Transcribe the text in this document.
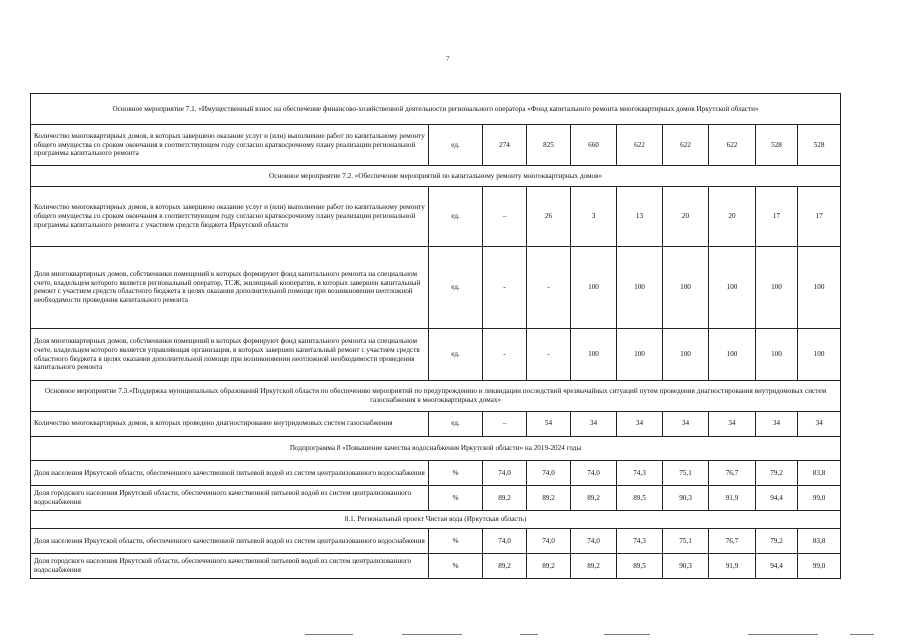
7
Основное мероприятие 7.1. «Имущественный взнос на обеспечение финансово-хозяйственной деятельности регионального оператора «Фонд капитального ремонта многоквартирных домов Иркутской области»									
Количество многоквартирных домов, в которых завершено оказание услуг и (или) выполнение работ по капитальному ремонту общего имущества со сроком окончания в соответствующем году согласно краткосрочному плану реализации региональной программы капитального ремонта	ед.	274	825	660	622	622	622	528	528
Основное мероприятие 7.2. «Обеспечение мероприятий по капитальному ремонту многоквартирных домов»									
Количество многоквартирных домов, в которых завершено оказание услуг и (или) выполнение работ по капитальному ремонту общего имущества со сроком окончания в соответствующем году согласно краткосрочному плану реализации региональной программы капитального ремонта с участием средств бюджета Иркутской области	ед.	–	26	3	13	20	20	17	17
Доля многоквартирных домов, собственники помещений в которых формируют фонд капитального ремонта на специальном счете, владельцем которого является региональный оператор, ТСЖ, жилищный кооператив, в которых завершен капитальный ремонт с участием средств областного бюджета в целях оказания дополнительной помощи при возникновении неотложной необходимости проведения капитального ремонта	ед.	-	-	100	100	100	100	100	100
Доля многоквартирных домов, собственники помещений в которых формируют фонд капитального ремонта на специальном счете, владельцем которого является управляющая организация, в которых завершен капитальный ремонт с участием средств областного бюджета в целях оказания дополнительной помощи при возникновении неотложной необходимости проведения капитального ремонта	ед.	-	-	100	100	100	100	100	100
Основное мероприятие 7.3.«Поддержка муниципальных образований Иркутской области по обеспечению мероприятий по предупреждению и ликвидации последствий чрезвычайных ситуаций путем проведения диагностирования внутридомовых систем газоснабжения в многоквартирных домах»									
Количество многоквартирных домов, в которых проведено диагностирование внутридомовых систем газоснабжения	ед.	–	54	34	34	34	34	34	34
Подпрограмма 8 «Повышение качества водоснабжения Иркутской области» на 2019-2024 годы									
Доля населения Иркутской области, обеспеченного качественной питьевой водой из систем централизованного водоснабжения	%	74,0	74,0	74,0	74,3	75,1	76,7	79,2	83,8
Доля городского населения Иркутской области, обеспеченного качественной питьевой водой из систем централизованного водоснабжения	%	89,2	89,2	89,2	89,5	90,3	91,9	94,4	99,0
8.1. Региональный проект Чистая вода (Иркутская область)									
Доля населения Иркутской области, обеспеченного качественной питьевой водой из систем централизованного водоснабжения	%	74,0	74,0	74,0	74,3	75,1	76,7	79,2	83,8
Доля городского населения Иркутской области, обеспеченного качественной питьевой водой из систем централизованного водоснабжения	%	89,2	89,2	89,2	89,5	90,3	91,9	94,4	99,0
